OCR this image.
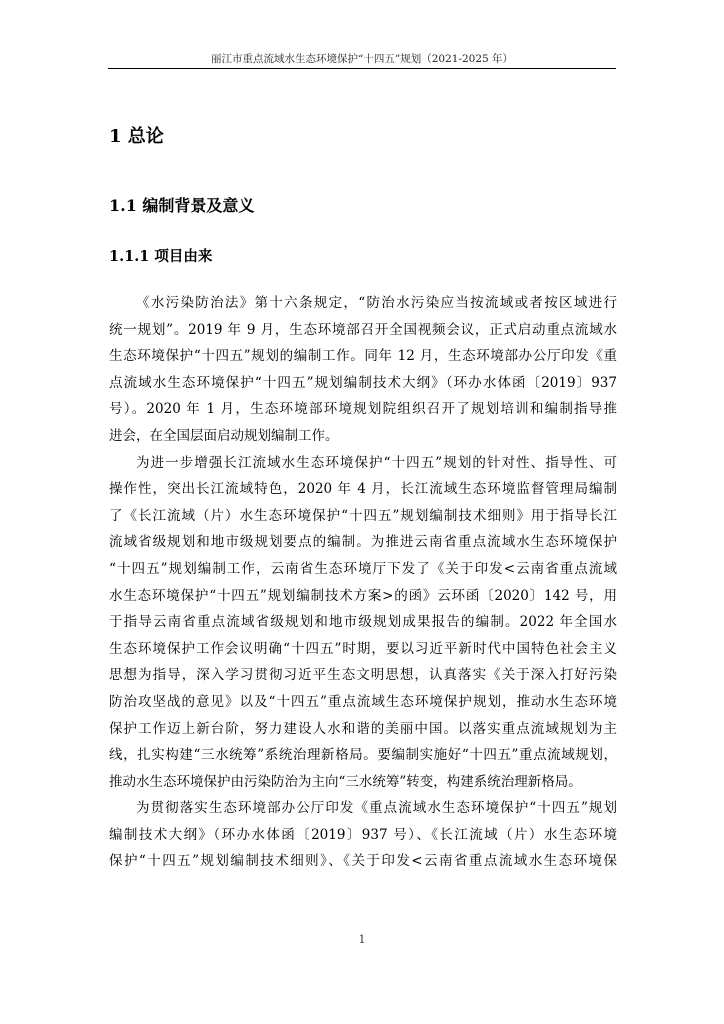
丽江市重点流域水生态环境保护“十四五”规划（2021-2025 年）
1 总论
1.1 编制背景及意义
1.1.1 项目由来
《水污染防治法》第十六条规定，“防治水污染应当按流域或者按区域进行
统一规划”。2019 年 9 月，生态环境部召开全国视频会议，正式启动重点流域水
生态环境保护“十四五”规划的编制工作。同年 12 月，生态环境部办公厅印发《重
点流域水生态环境保护“十四五”规划编制技术大纲》（环办水体函〔2019〕937
号）。2020 年 1 月，生态环境部环境规划院组织召开了规划培训和编制指导推
进会，在全国层面启动规划编制工作。
为进一步增强长江流域水生态环境保护“十四五”规划的针对性、指导性、可
操作性，突出长江流域特色，2020 年 4 月，长江流域生态环境监督管理局编制
了《长江流域（片）水生态环境保护“十四五”规划编制技术细则》用于指导长江
流域省级规划和地市级规划要点的编制。为推进云南省重点流域水生态环境保护
“十四五”规划编制工作，云南省生态环境厅下发了《关于印发<云南省重点流域
水生态环境保护“十四五”规划编制技术方案>的函》云环函〔2020〕142 号，用
于指导云南省重点流域省级规划和地市级规划成果报告的编制。2022 年全国水
生态环境保护工作会议明确“十四五”时期，要以习近平新时代中国特色社会主义
思想为指导，深入学习贯彻习近平生态文明思想，认真落实《关于深入打好污染
防治攻坚战的意见》以及“十四五”重点流域生态环境保护规划，推动水生态环境
保护工作迈上新台阶，努力建设人水和谐的美丽中国。以落实重点流域规划为主
线，扎实构建“三水统筹”系统治理新格局。要编制实施好“十四五”重点流域规划，
推动水生态环境保护由污染防治为主向“三水统筹”转变，构建系统治理新格局。
为贯彻落实生态环境部办公厅印发《重点流域水生态环境保护“十四五”规划
编制技术大纲》（环办水体函〔2019〕937 号）、《长江流域（片）水生态环境
保护“十四五”规划编制技术细则》、《关于印发<云南省重点流域水生态环境保
1
